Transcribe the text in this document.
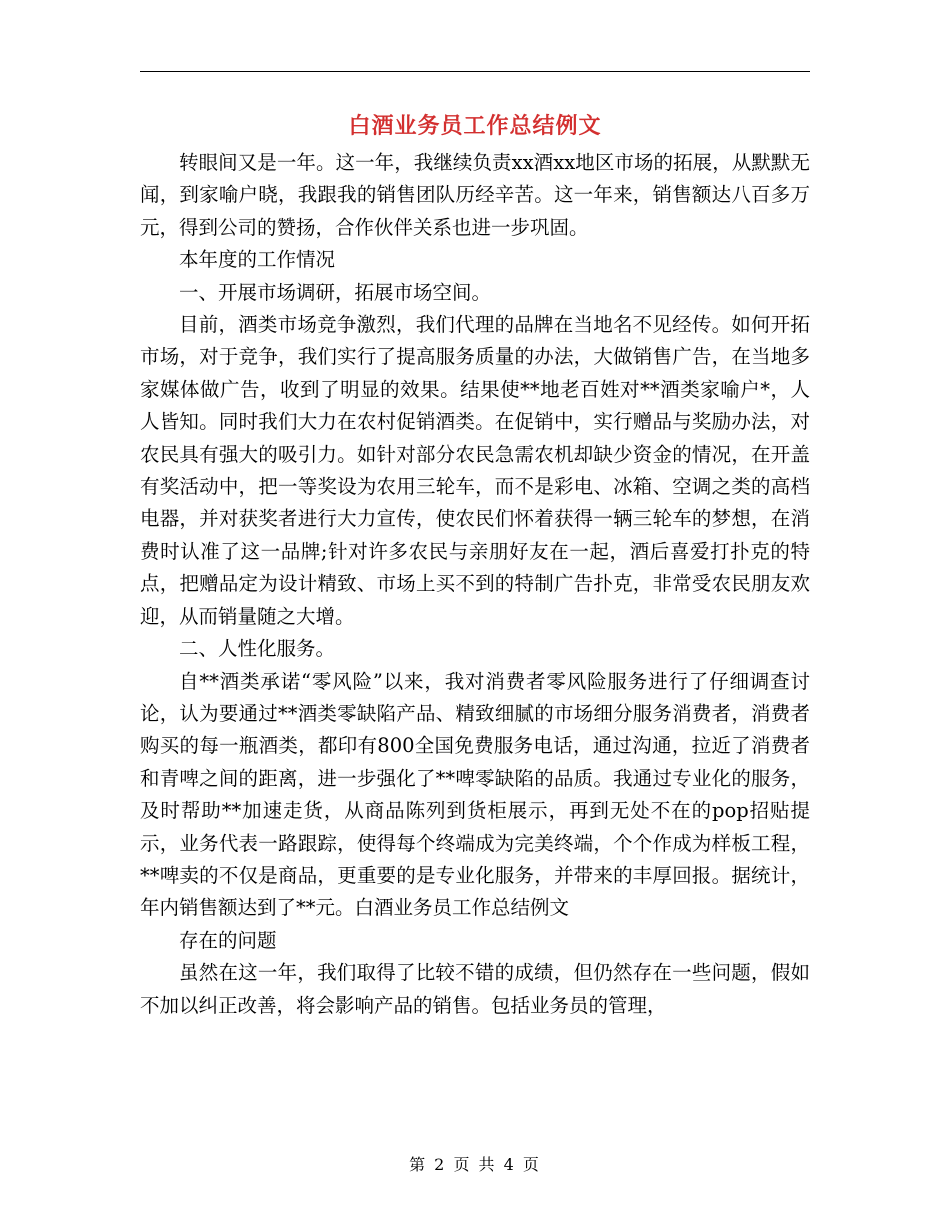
白酒业务员工作总结例文

转眼间又是一年。这一年，我继续负责xx酒xx地区市场的拓展，从默默无闻，到家喻户晓，我跟我的销售团队历经辛苦。这一年来，销售额达八百多万元，得到公司的赞扬，合作伙伴关系也进一步巩固。

本年度的工作情况

一、开展市场调研，拓展市场空间。

目前，酒类市场竞争激烈，我们代理的品牌在当地名不见经传。如何开拓市场，对于竞争，我们实行了提高服务质量的办法，大做销售广告，在当地多家媒体做广告，收到了明显的效果。结果使**地老百姓对**酒类家喻户*，人人皆知。同时我们大力在农村促销酒类。在促销中，实行赠品与奖励办法，对农民具有强大的吸引力。如针对部分农民急需农机却缺少资金的情况，在开盖有奖活动中，把一等奖设为农用三轮车，而不是彩电、冰箱、空调之类的高档电器，并对获奖者进行大力宣传，使农民们怀着获得一辆三轮车的梦想，在消费时认准了这一品牌;针对许多农民与亲朋好友在一起，酒后喜爱打扑克的特点，把赠品定为设计精致、市场上买不到的特制广告扑克，非常受农民朋友欢迎，从而销量随之大增。

二、人性化服务。

自**酒类承诺“零风险”以来，我对消费者零风险服务进行了仔细调查讨论，认为要通过**酒类零缺陷产品、精致细腻的市场细分服务消费者，消费者购买的每一瓶酒类，都印有800全国免费服务电话，通过沟通，拉近了消费者和青啤之间的距离，进一步强化了**啤零缺陷的品质。我通过专业化的服务，及时帮助**加速走货，从商品陈列到货柜展示，再到无处不在的pop招贴提示，业务代表一路跟踪，使得每个终端成为完美终端，个个作成为样板工程，**啤卖的不仅是商品，更重要的是专业化服务，并带来的丰厚回报。据统计，年内销售额达到了**元。白酒业务员工作总结例文

存在的问题

虽然在这一年，我们取得了比较不错的成绩，但仍然存在一些问题，假如不加以纠正改善，将会影响产品的销售。包括业务员的管理，

第 2 页 共 4 页
